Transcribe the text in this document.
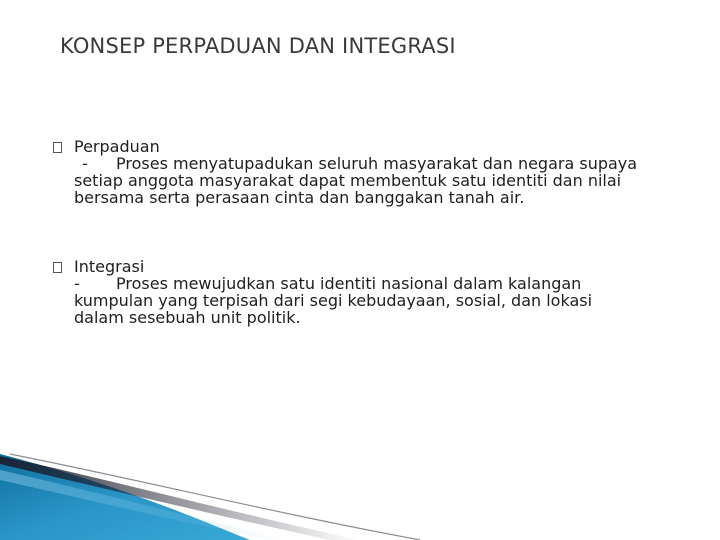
KONSEP PERPADUAN DAN INTEGRASI
Perpaduan
- Proses menyatupadukan seluruh masyarakat dan negara supaya
setiap anggota masyarakat dapat membentuk satu identiti dan nilai
bersama serta perasaan cinta dan banggakan tanah air.
Integrasi
- Proses mewujudkan satu identiti nasional dalam kalangan
kumpulan yang terpisah dari segi kebudayaan, sosial, dan lokasi
dalam sesebuah unit politik.
